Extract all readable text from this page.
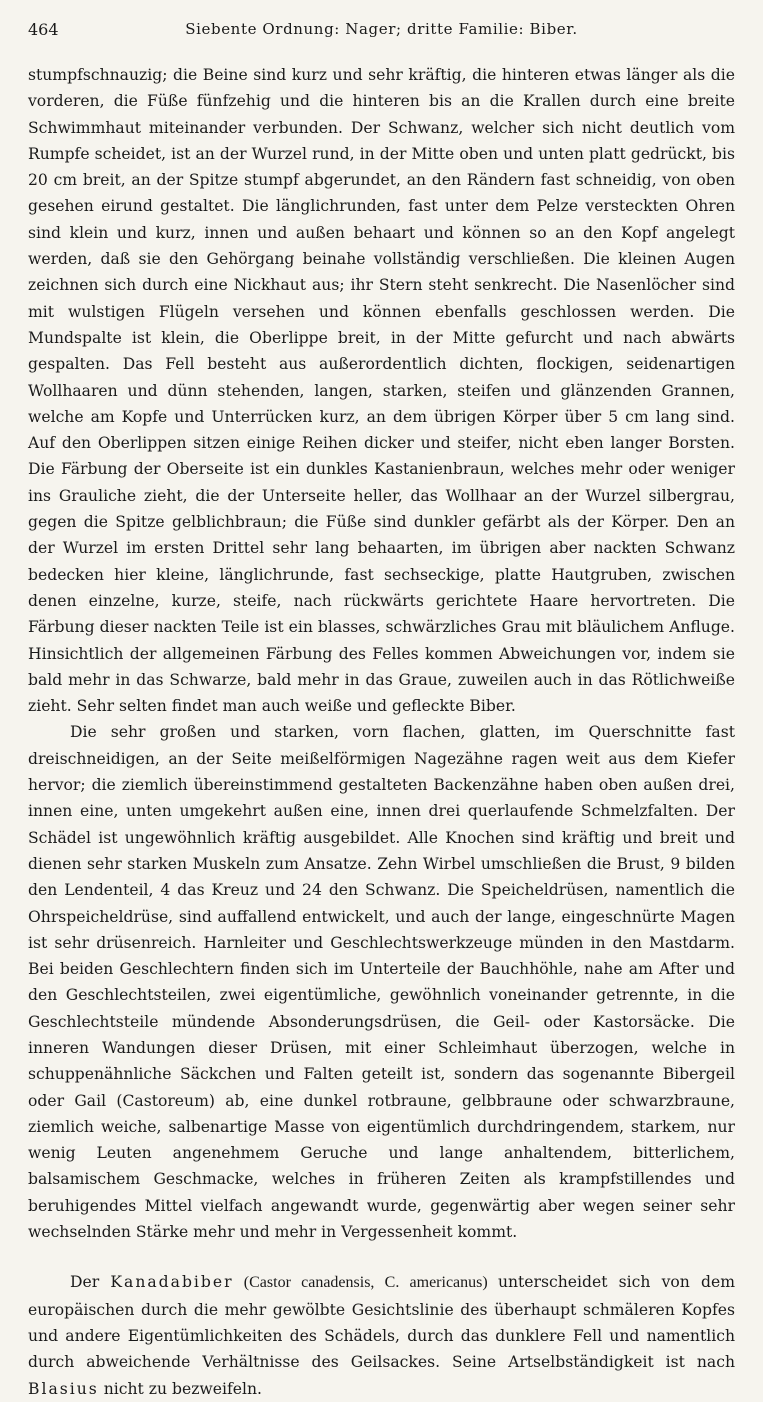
464	Siebente Ordnung: Nager; dritte Familie: Biber.

stumpfschnauzig; die Beine sind kurz und sehr kräftig, die hinteren etwas länger als die vorderen, die Füße fünfzehig und die hinteren bis an die Krallen durch eine breite Schwimmhaut miteinander verbunden. Der Schwanz, welcher sich nicht deutlich vom Rumpfe scheidet, ist an der Wurzel rund, in der Mitte oben und unten platt gedrückt, bis 20 cm breit, an der Spitze stumpf abgerundet, an den Rändern fast schneidig, von oben gesehen eirund gestaltet. Die länglichrunden, fast unter dem Pelze versteckten Ohren sind klein und kurz, innen und außen behaart und können so an den Kopf angelegt werden, daß sie den Gehörgang beinahe vollständig verschließen. Die kleinen Augen zeichnen sich durch eine Nickhaut aus; ihr Stern steht senkrecht. Die Nasenlöcher sind mit wulstigen Flügeln versehen und können ebenfalls geschlossen werden. Die Mundspalte ist klein, die Oberlippe breit, in der Mitte gefurcht und nach abwärts gespalten. Das Fell besteht aus außerordentlich dichten, flockigen, seidenartigen Wollhaaren und dünn stehenden, langen, starken, steifen und glänzenden Grannen, welche am Kopfe und Unterrücken kurz, an dem übrigen Körper über 5 cm lang sind. Auf den Oberlippen sitzen einige Reihen dicker und steifer, nicht eben langer Borsten. Die Färbung der Oberseite ist ein dunkles Kastanienbraun, welches mehr oder weniger ins Grauliche zieht, die der Unterseite heller, das Wollhaar an der Wurzel silbergrau, gegen die Spitze gelblichbraun; die Füße sind dunkler gefärbt als der Körper. Den an der Wurzel im ersten Drittel sehr lang behaarten, im übrigen aber nackten Schwanz bedecken hier kleine, länglichrunde, fast sechseckige, platte Hautgruben, zwischen denen einzelne, kurze, steife, nach rückwärts gerichtete Haare hervortreten. Die Färbung dieser nackten Teile ist ein blasses, schwärzliches Grau mit bläulichem Anfluge. Hinsichtlich der allgemeinen Färbung des Felles kommen Abweichungen vor, indem sie bald mehr in das Schwarze, bald mehr in das Graue, zuweilen auch in das Rötlichweiße zieht. Sehr selten findet man auch weiße und gefleckte Biber.

Die sehr großen und starken, vorn flachen, glatten, im Querschnitte fast dreischneidigen, an der Seite meißelförmigen Nagezähne ragen weit aus dem Kiefer hervor; die ziemlich übereinstimmend gestalteten Backenzähne haben oben außen drei, innen eine, unten umgekehrt außen eine, innen drei querlaufende Schmelzfalten. Der Schädel ist ungewöhnlich kräftig ausgebildet. Alle Knochen sind kräftig und breit und dienen sehr starken Muskeln zum Ansatze. Zehn Wirbel umschließen die Brust, 9 bilden den Lendenteil, 4 das Kreuz und 24 den Schwanz. Die Speicheldrüsen, namentlich die Ohrspeicheldrüse, sind auffallend entwickelt, und auch der lange, eingeschnürte Magen ist sehr drüsenreich. Harnleiter und Geschlechtswerkzeuge münden in den Mastdarm. Bei beiden Geschlechtern finden sich im Unterteile der Bauchhöhle, nahe am After und den Geschlechtsteilen, zwei eigentümliche, gewöhnlich voneinander getrennte, in die Geschlechtsteile mündende Absonderungsdrüsen, die Geil- oder Kastorsäcke. Die inneren Wandungen dieser Drüsen, mit einer Schleimhaut überzogen, welche in schuppenähnliche Säckchen und Falten geteilt ist, sondern das sogenannte Bibergeil oder Gail (Castoreum) ab, eine dunkel rotbraune, gelbbraune oder schwarzbraune, ziemlich weiche, salbenartige Masse von eigentümlich durchdringendem, starkem, nur wenig Leuten angenehmem Geruche und lange anhaltendem, bitterlichem, balsamischem Geschmacke, welches in früheren Zeiten als krampfstillendes und beruhigendes Mittel vielfach angewandt wurde, gegenwärtig aber wegen seiner sehr wechselnden Stärke mehr und mehr in Vergessenheit kommt.

Der Kanadabiber (Castor canadensis, C. americanus) unterscheidet sich von dem europäischen durch die mehr gewölbte Gesichtslinie des überhaupt schmäleren Kopfes und andere Eigentümlichkeiten des Schädels, durch das dunklere Fell und namentlich durch abweichende Verhältnisse des Geilsackes. Seine Artselbständigkeit ist nach Blasius nicht zu bezweifeln.
